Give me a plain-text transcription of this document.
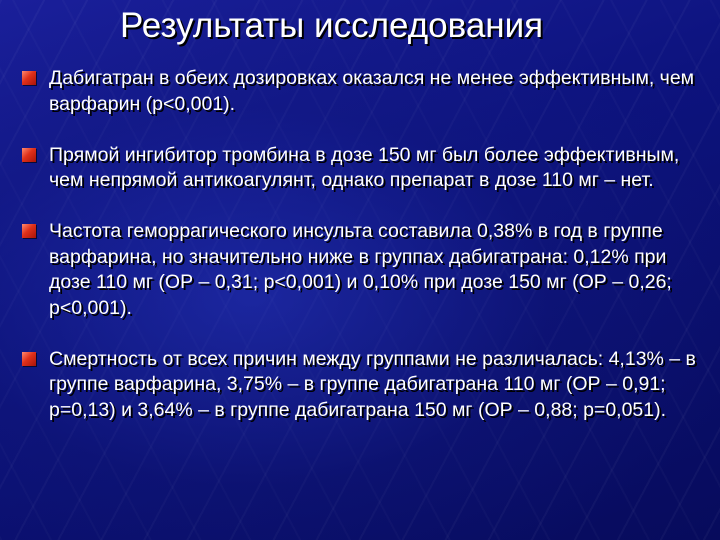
Результаты исследования
Дабигатран в обеих дозировках оказался не менее эффективным, чем варфарин (р<0,001).
Прямой ингибитор тромбина в дозе 150 мг был более эффективным, чем непрямой антикоагулянт, однако препарат в дозе 110 мг – нет.
Частота геморрагического инсульта составила 0,38% в год в группе варфарина, но значительно ниже в группах дабигатрана: 0,12% при дозе 110 мг (ОР – 0,31; р<0,001) и 0,10% при дозе 150 мг (ОР – 0,26; р<0,001).
Смертность от всех причин между группами не различалась: 4,13% – в группе варфарина, 3,75% – в группе дабигатрана 110 мг (ОР – 0,91; р=0,13) и 3,64% – в группе дабигатрана 150 мг (ОР – 0,88; р=0,051).
